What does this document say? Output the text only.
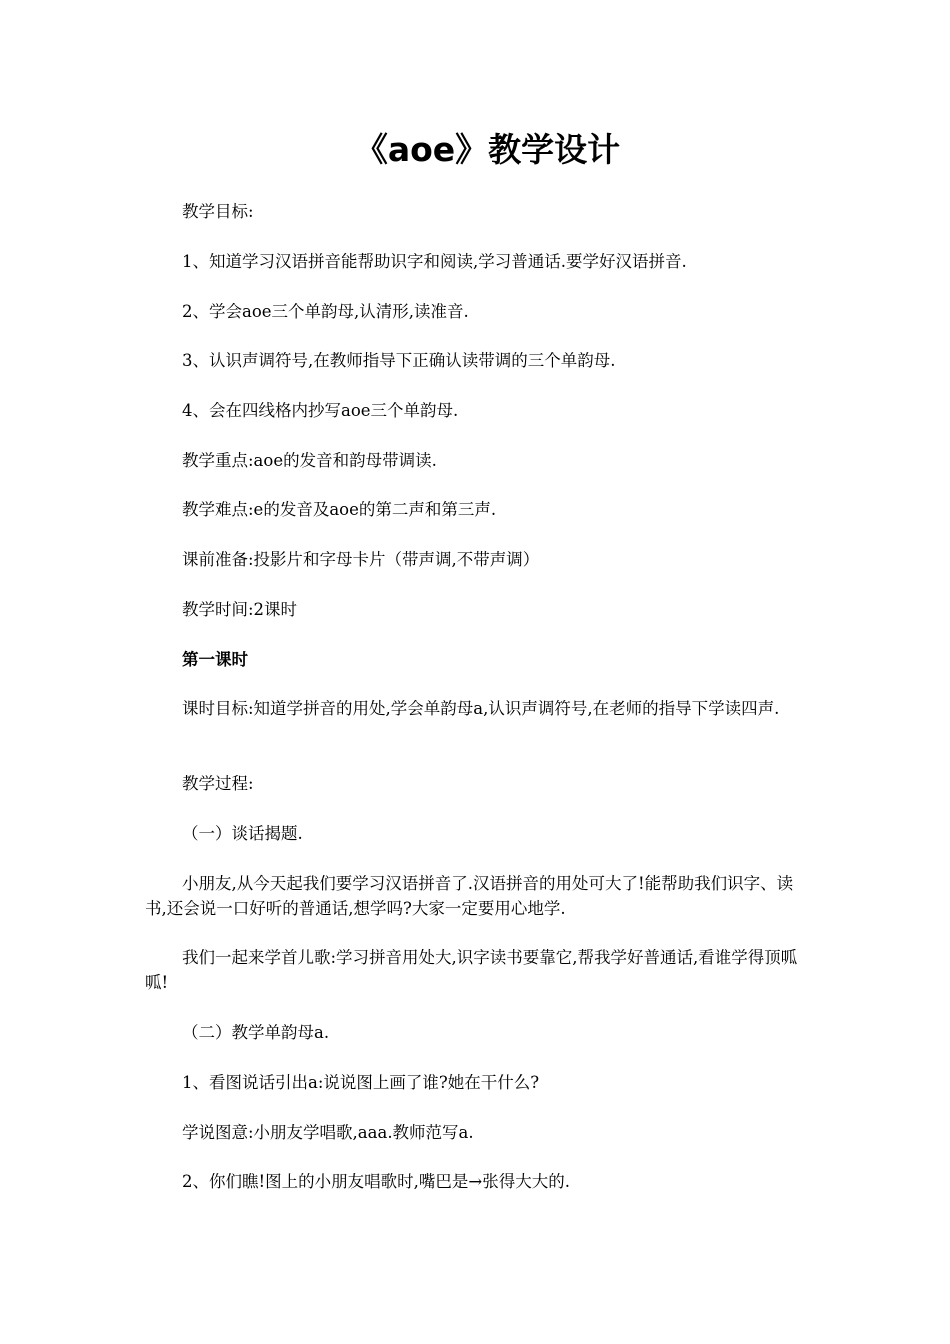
《aoe》教学设计

教学目标:

1、知道学习汉语拼音能帮助识字和阅读,学习普通话.要学好汉语拼音.

2、学会aoe三个单韵母,认清形,读准音.

3、认识声调符号,在教师指导下正确认读带调的三个单韵母.

4、会在四线格内抄写aoe三个单韵母.

教学重点:aoe的发音和韵母带调读.

教学难点:e的发音及aoe的第二声和第三声.

课前准备:投影片和字母卡片（带声调,不带声调）

教学时间:2课时

第一课时

课时目标:知道学拼音的用处,学会单韵母a,认识声调符号,在老师的指导下学读四声.

教学过程:

（一）谈话揭题.

小朋友,从今天起我们要学习汉语拼音了.汉语拼音的用处可大了!能帮助我们识字、读书,还会说一口好听的普通话,想学吗?大家一定要用心地学.

我们一起来学首儿歌:学习拼音用处大,识字读书要靠它,帮我学好普通话,看谁学得顶呱呱!

（二）教学单韵母a.

1、看图说话引出a:说说图上画了谁?她在干什么?

学说图意:小朋友学唱歌,aaa.教师范写a.

2、你们瞧!图上的小朋友唱歌时,嘴巴是→张得大大的.
